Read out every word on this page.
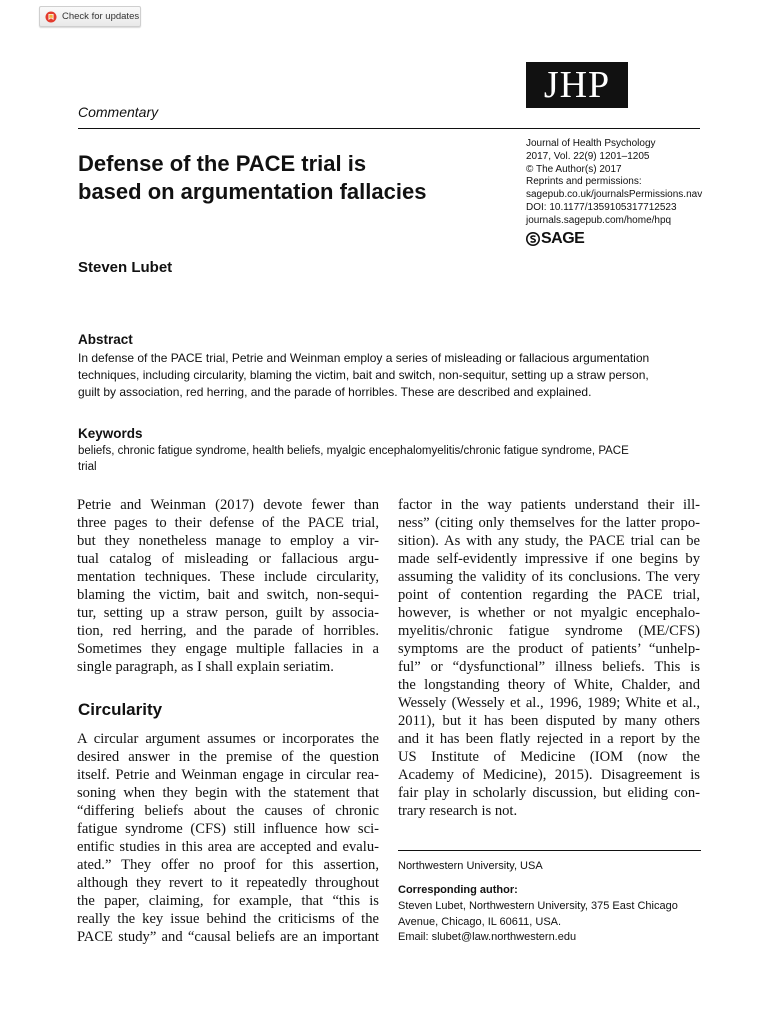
Check for updates
JHP
Commentary
Defense of the PACE trial is
based on argumentation fallacies
Journal of Health Psychology
2017, Vol. 22(9) 1201–1205
© The Author(s) 2017
Reprints and permissions:
sagepub.co.uk/journalsPermissions.nav
DOI: 10.1177/1359105317712523
journals.sagepub.com/home/hpq
SAGE
Steven Lubet
Abstract
In defense of the PACE trial, Petrie and Weinman employ a series of misleading or fallacious argumentation
techniques, including circularity, blaming the victim, bait and switch, non-sequitur, setting up a straw person,
guilt by association, red herring, and the parade of horribles. These are described and explained.
Keywords
beliefs, chronic fatigue syndrome, health beliefs, myalgic encephalomyelitis/chronic fatigue syndrome, PACE
trial
Petrie and Weinman (2017) devote fewer than
three pages to their defense of the PACE trial,
but they nonetheless manage to employ a vir-
tual catalog of misleading or fallacious argu-
mentation techniques. These include circularity,
blaming the victim, bait and switch, non-sequi-
tur, setting up a straw person, guilt by associa-
tion, red herring, and the parade of horribles.
Sometimes they engage multiple fallacies in a
single paragraph, as I shall explain seriatim.
Circularity
A circular argument assumes or incorporates the
desired answer in the premise of the question
itself. Petrie and Weinman engage in circular rea-
soning when they begin with the statement that
“differing beliefs about the causes of chronic
fatigue syndrome (CFS) still influence how sci-
entific studies in this area are accepted and evalu-
ated.” They offer no proof for this assertion,
although they revert to it repeatedly throughout
the paper, claiming, for example, that “this is
really the key issue behind the criticisms of the
PACE study” and “causal beliefs are an important
factor in the way patients understand their ill-
ness” (citing only themselves for the latter propo-
sition). As with any study, the PACE trial can be
made self-evidently impressive if one begins by
assuming the validity of its conclusions. The very
point of contention regarding the PACE trial,
however, is whether or not myalgic encephalo-
myelitis/chronic fatigue syndrome (ME/CFS)
symptoms are the product of patients’ “unhelp-
ful” or “dysfunctional” illness beliefs. This is
the longstanding theory of White, Chalder, and
Wessely (Wessely et al., 1996, 1989; White et al.,
2011), but it has been disputed by many others
and it has been flatly rejected in a report by the
US Institute of Medicine (IOM (now the
Academy of Medicine), 2015). Disagreement is
fair play in scholarly discussion, but eliding con-
trary research is not.
Northwestern University, USA
Corresponding author:
Steven Lubet, Northwestern University, 375 East Chicago
Avenue, Chicago, IL 60611, USA.
Email: slubet@law.northwestern.edu
